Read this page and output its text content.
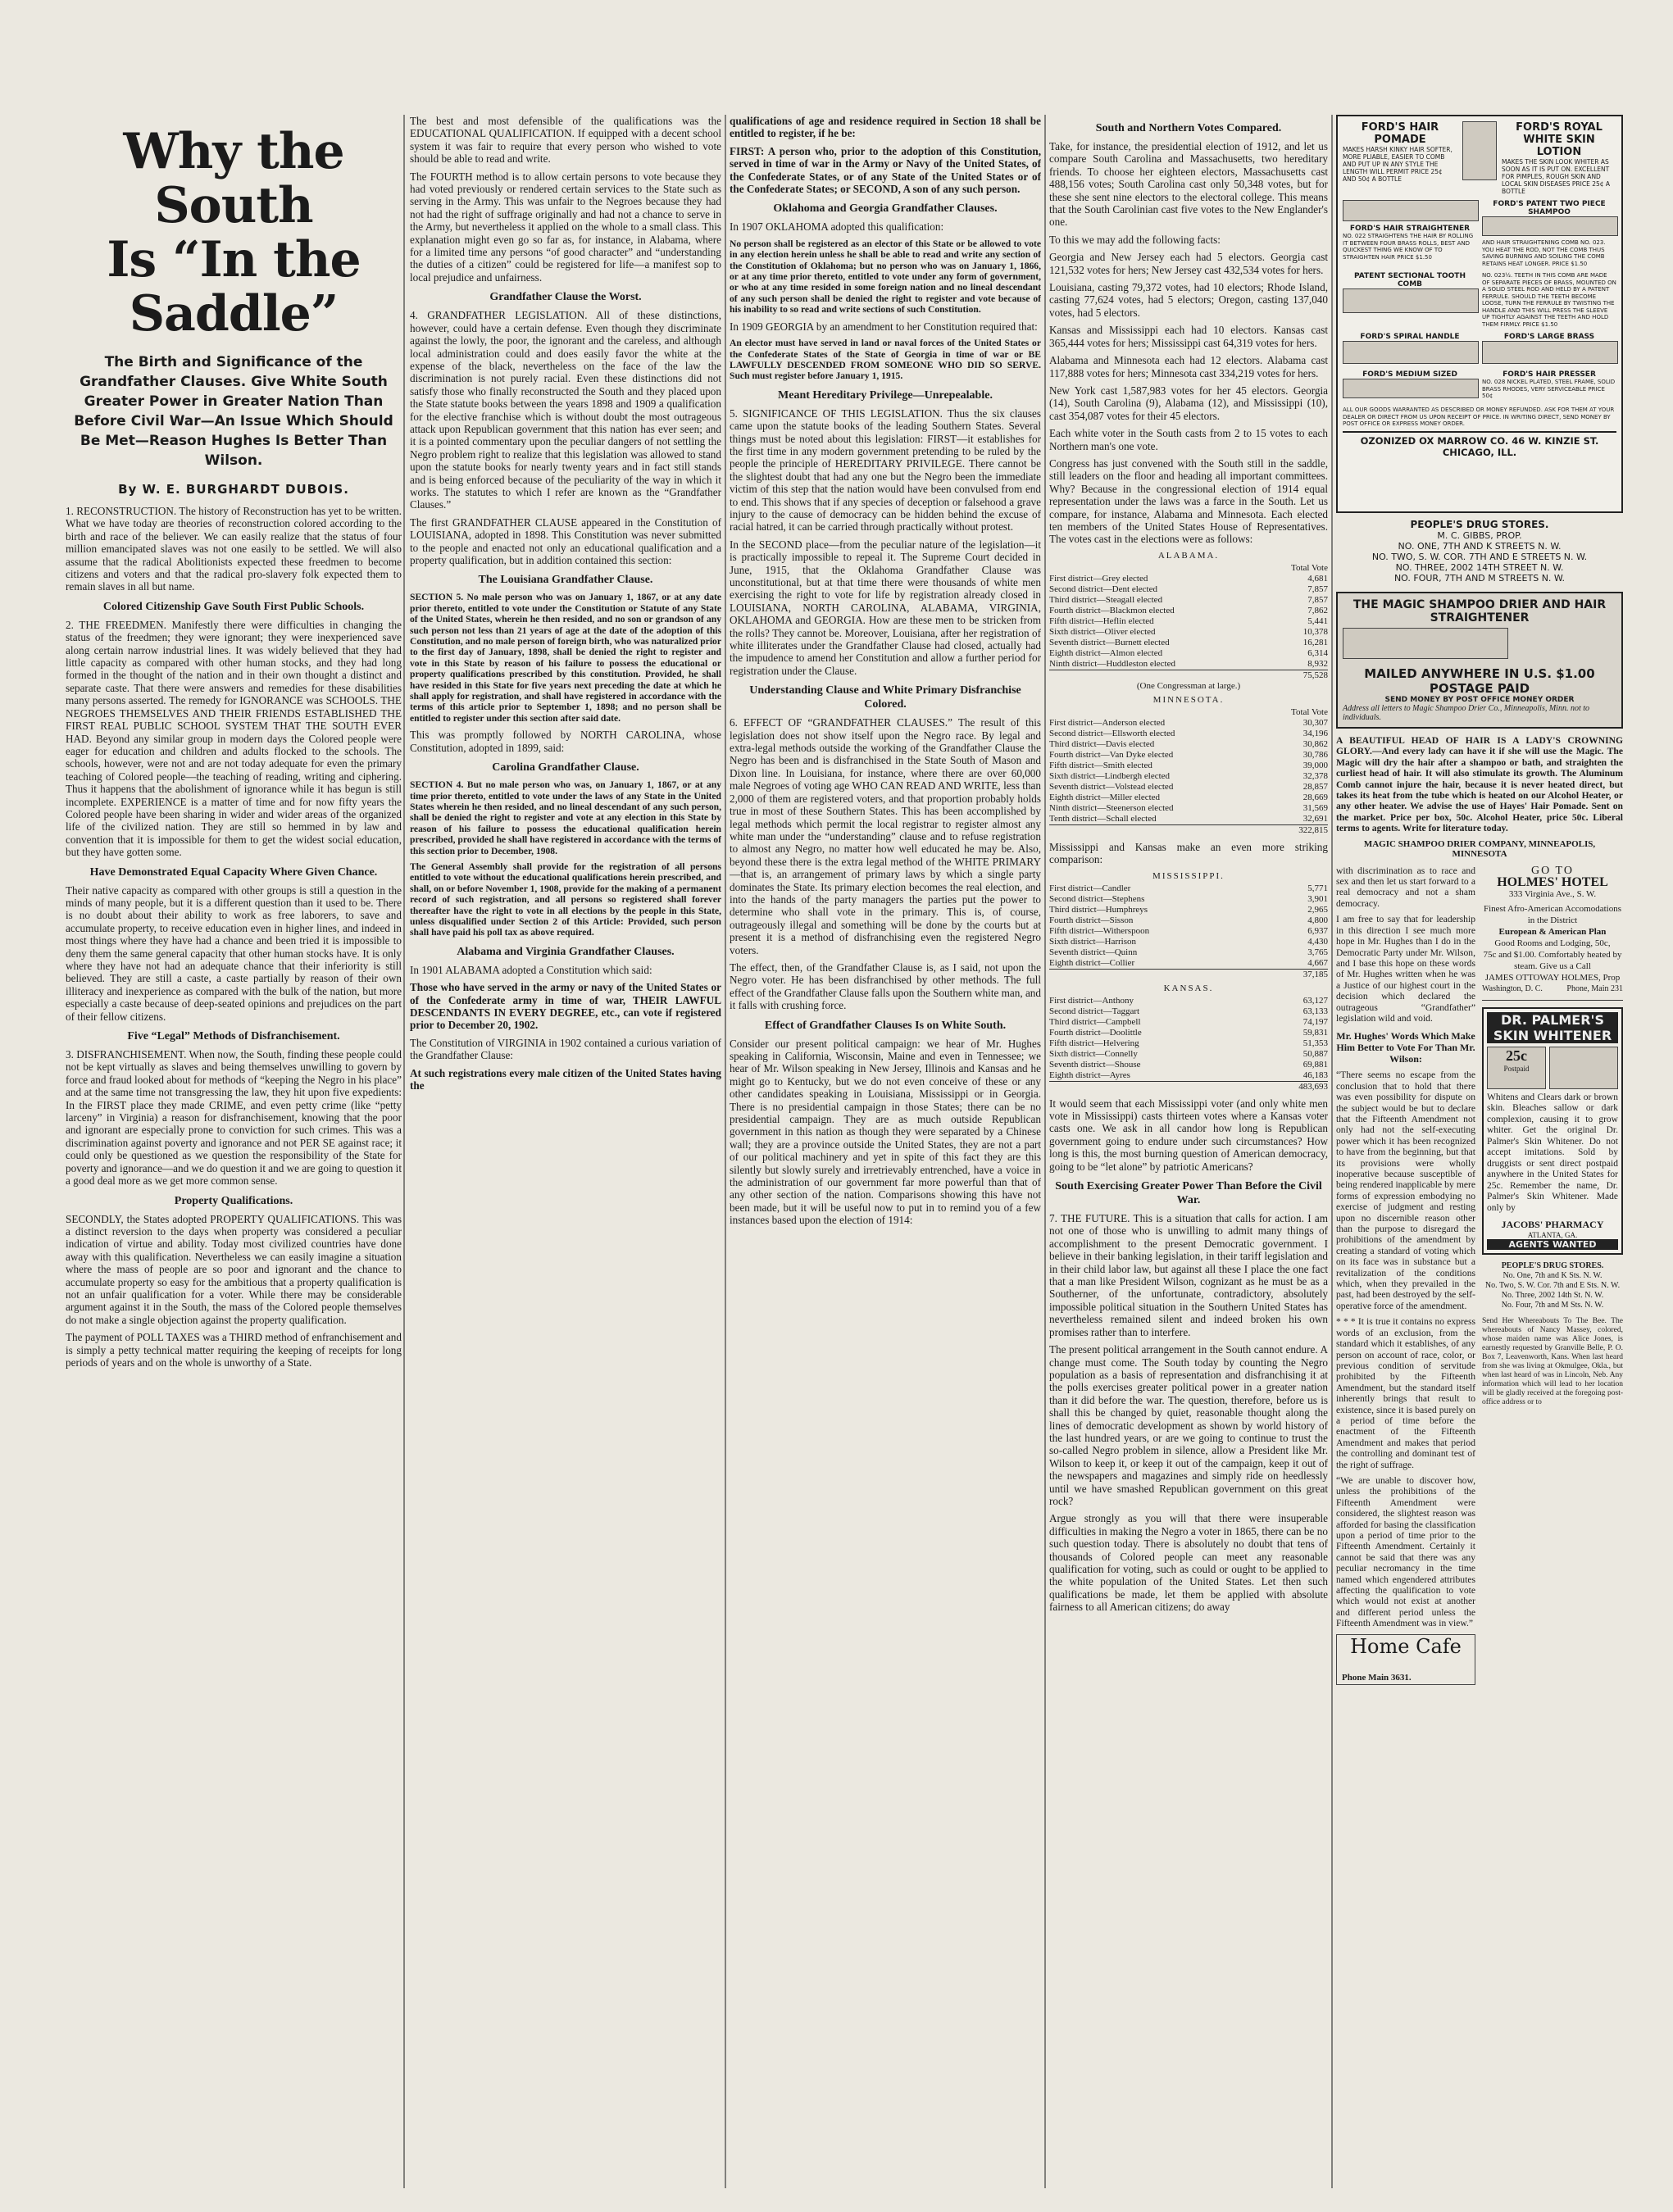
Why the South
Is “In the Saddle”
The Birth and Significance of the Grandfather Clauses. Give White South Greater Power in Greater Nation Than Before Civil War—An Issue Which Should Be Met—Reason Hughes Is Better Than Wilson.
By W. E. BURGHARDT DUBOIS.

1. RECONSTRUCTION. The history of Reconstruction has yet to be written. What we have today are theories of reconstruction colored according to the birth and race of the believer. We can easily realize that the status of four million emancipated slaves was not one easily to be settled. We will also assume that the radical Abolitionists expected these freedmen to become citizens and voters and that the radical pro-slavery folk expected them to remain slaves in all but name.

Colored Citizenship Gave South First Public Schools.

2. THE FREEDMEN. Manifestly there were difficulties in changing the status of the freedmen; they were ignorant; they were inexperienced save along certain narrow industrial lines. It was widely believed that they had little capacity as compared with other human stocks, and they had long formed in the thought of the nation and in their own thought a distinct and separate caste. That there were answers and remedies for these disabilities many persons asserted. The remedy for IGNORANCE was SCHOOLS. THE NEGROES THEMSELVES AND THEIR FRIENDS ESTABLISHED THE FIRST REAL PUBLIC SCHOOL SYSTEM THAT THE SOUTH EVER HAD. Beyond any similar group in modern days the Colored people were eager for education and children and adults flocked to the schools. The schools, however, were not and are not today adequate for even the primary teaching of Colored people—the teaching of reading, writing and ciphering. Thus it happens that the abolishment of ignorance while it has begun is still incomplete. EXPERIENCE is a matter of time and for now fifty years the Colored people have been sharing in wider and wider areas of the organized life of the civilized nation. They are still so hemmed in by law and convention that it is impossible for them to get the widest social education, but they have gotten some.

Have Demonstrated Equal Capacity Where Given Chance.

Their native capacity as compared with other groups is still a question in the minds of many people, but it is a different question than it used to be. There is no doubt about their ability to work as free laborers, to save and accumulate property, to receive education even in higher lines, and indeed in most things where they have had a chance and been tried it is impossible to deny them the same general capacity that other human stocks have. It is only where they have not had an adequate chance that their inferiority is still believed. They are still a caste, a caste partially by reason of their own illiteracy and inexperience as compared with the bulk of the nation, but more especially a caste because of deep-seated opinions and prejudices on the part of their fellow citizens.

Five “Legal” Methods of Disfranchisement.

3. DISFRANCHISEMENT. When now, the South, finding these people could not be kept virtually as slaves and being themselves unwilling to govern by force and fraud looked about for methods of “keeping the Negro in his place” and at the same time not transgressing the law, they hit upon five expedients: In the FIRST place they made CRIME, and even petty crime (like “petty larceny” in Virginia) a reason for disfranchisement, knowing that the poor and ignorant are especially prone to conviction for such crimes. This was a discrimination against poverty and ignorance and not PER SE against race; it could only be questioned as we question the responsibility of the State for poverty and ignorance—and we do question it and we are going to question it a good deal more as we get more common sense.

Property Qualifications.

SECONDLY, the States adopted PROPERTY QUALIFICATIONS. This was a distinct reversion to the days when property was considered a peculiar indication of virtue and ability. Today most civilized countries have done away with this qualification. Nevertheless we can easily imagine a situation where the mass of people are so poor and ignorant and the chance to accumulate property so easy for the ambitious that a property qualification is not an unfair qualification for a voter. While there may be considerable argument against it in the South, the mass of the Colored people themselves do not make a single objection against the property qualification.

The payment of POLL TAXES was a THIRD method of enfranchisement and is simply a petty technical matter requiring the keeping of receipts for long periods of years and on the whole is unworthy of a State.

The best and most defensible of the qualifications was the EDUCATIONAL QUALIFICATION. If equipped with a decent school system it was fair to require that every person who wished to vote should be able to read and write.

The FOURTH method is to allow certain persons to vote because they had voted previously or rendered certain services to the State such as serving in the Army. This was unfair to the Negroes because they had not had the right of suffrage originally and had not a chance to serve in the Army, but nevertheless it applied on the whole to a small class. This explanation might even go so far as, for instance, in Alabama, where for a limited time any persons “of good character” and “understanding the duties of a citizen” could be registered for life—a manifest sop to local prejudice and unfairness.

Grandfather Clause the Worst.

4. GRANDFATHER LEGISLATION. All of these distinctions, however, could have a certain defense. Even though they discriminate against the lowly, the poor, the ignorant and the careless, and although local administration could and does easily favor the white at the expense of the black, nevertheless on the face of the law the discrimination is not purely racial. Even these distinctions did not satisfy those who finally reconstructed the South and they placed upon the State statute books between the years 1898 and 1909 a qualification for the elective franchise which is without doubt the most outrageous attack upon Republican government that this nation has ever seen; and it is a pointed commentary upon the peculiar dangers of not settling the Negro problem right to realize that this legislation was allowed to stand upon the statute books for nearly twenty years and in fact still stands and is being enforced because of the peculiarity of the way in which it works. The statutes to which I refer are known as the “Grandfather Clauses.”

The first GRANDFATHER CLAUSE appeared in the Constitution of LOUISIANA, adopted in 1898. This Constitution was never submitted to the people and enacted not only an educational qualification and a property qualification, but in addition contained this section:

The Louisiana Grandfather Clause.

SECTION 5. No male person who was on January 1, 1867, or at any date prior thereto, entitled to vote under the Constitution or Statute of any State of the United States, wherein he then resided, and no son or grandson of any such person not less than 21 years of age at the date of the adoption of this Constitution, and no male person of foreign birth, who was naturalized prior to the first day of January, 1898, shall be denied the right to register and vote in this State by reason of his failure to possess the educational or property qualifications prescribed by this constitution. Provided, he shall have resided in this State for five years next preceding the date at which he shall apply for registration, and shall have registered in accordance with the terms of this article prior to September 1, 1898; and no person shall be entitled to register under this section after said date.

This was promptly followed by NORTH CAROLINA, whose Constitution, adopted in 1899, said:

Carolina Grandfather Clause.

SECTION 4. But no male person who was, on January 1, 1867, or at any time prior thereto, entitled to vote under the laws of any State in the United States wherein he then resided, and no lineal descendant of any such person, shall be denied the right to register and vote at any election in this State by reason of his failure to possess the educational qualification herein prescribed, provided he shall have registered in accordance with the terms of this section prior to December, 1908.

The General Assembly shall provide for the registration of all persons entitled to vote without the educational qualifications herein prescribed, and shall, on or before November 1, 1908, provide for the making of a permanent record of such registration, and all persons so registered shall forever thereafter have the right to vote in all elections by the people in this State, unless disqualified under Section 2 of this Article: Provided, such person shall have paid his poll tax as above required.

Alabama and Virginia Grandfather Clauses.

In 1901 ALABAMA adopted a Constitution which said:

Those who have served in the army or navy of the United States or of the Confederate army in time of war, THEIR LAWFUL DESCENDANTS IN EVERY DEGREE, etc., can vote if registered prior to December 20, 1902.

The Constitution of VIRGINIA in 1902 contained a curious variation of the Grandfather Clause:

At such registrations every male citizen of the United States having the

qualifications of age and residence required in Section 18 shall be entitled to register, if he be:

FIRST: A person who, prior to the adoption of this Constitution, served in time of war in the Army or Navy of the United States, of the Confederate States, or of any State of the United States or of the Confederate States; or SECOND, A son of any such person.

Oklahoma and Georgia Grandfather Clauses.

In 1907 OKLAHOMA adopted this qualification:

No person shall be registered as an elector of this State or be allowed to vote in any election herein unless he shall be able to read and write any section of the Constitution of Oklahoma; but no person who was on January 1, 1866, or at any time prior thereto, entitled to vote under any form of government, or who at any time resided in some foreign nation and no lineal descendant of any such person shall be denied the right to register and vote because of his inability to so read and write sections of such Constitution.

In 1909 GEORGIA by an amendment to her Constitution required that:

An elector must have served in land or naval forces of the United States or the Confederate States of the State of Georgia in time of war or BE LAWFULLY DESCENDED FROM SOMEONE WHO DID SO SERVE. Such must register before January 1, 1915.

Meant Hereditary Privilege—Unrepealable.

5. SIGNIFICANCE OF THIS LEGISLATION. Thus the six clauses came upon the statute books of the leading Southern States. Several things must be noted about this legislation: FIRST—it establishes for the first time in any modern government pretending to be ruled by the people the principle of HEREDITARY PRIVILEGE. There cannot be the slightest doubt that had any one but the Negro been the immediate victim of this step that the nation would have been convulsed from end to end. This shows that if any species of deception or falsehood a grave injury to the cause of democracy can be hidden behind the excuse of racial hatred, it can be carried through practically without protest.

In the SECOND place—from the peculiar nature of the legislation—it is practically impossible to repeal it. The Supreme Court decided in June, 1915, that the Oklahoma Grandfather Clause was unconstitutional, but at that time there were thousands of white men exercising the right to vote for life by registration already closed in LOUISIANA, NORTH CAROLINA, ALABAMA, VIRGINIA, OKLAHOMA and GEORGIA. How are these men to be stricken from the rolls? They cannot be. Moreover, Louisiana, after her registration of white illiterates under the Grandfather Clause had closed, actually had the impudence to amend her Constitution and allow a further period for registration under the Clause.

Understanding Clause and White Primary Disfranchise Colored.

6. EFFECT OF “GRANDFATHER CLAUSES.” The result of this legislation does not show itself upon the Negro race. By legal and extra-legal methods outside the working of the Grandfather Clause the Negro has been and is disfranchised in the State South of Mason and Dixon line. In Louisiana, for instance, where there are over 60,000 male Negroes of voting age WHO CAN READ AND WRITE, less than 2,000 of them are registered voters, and that proportion probably holds true in most of these Southern States. This has been accomplished by legal methods which permit the local registrar to register almost any white man under the “understanding” clause and to refuse registration to almost any Negro, no matter how well educated he may be. Also, beyond these there is the extra legal method of the WHITE PRIMARY—that is, an arrangement of primary laws by which a single party dominates the State. Its primary election becomes the real election, and into the hands of the party managers the parties put the power to determine who shall vote in the primary. This is, of course, outrageously illegal and something will be done by the courts but at present it is a method of disfranchising even the registered Negro voters.

The effect, then, of the Grandfather Clause is, as I said, not upon the Negro voter. He has been disfranchised by other methods. The full effect of the Grandfather Clause falls upon the Southern white man, and it falls with crushing force.

Effect of Grandfather Clauses Is on White South.

Consider our present political campaign: we hear of Mr. Hughes speaking in California, Wisconsin, Maine and even in Tennessee; we hear of Mr. Wilson speaking in New Jersey, Illinois and Kansas and he might go to Kentucky, but we do not even conceive of these or any other candidates speaking in Louisiana, Mississippi or in Georgia. There is no presidential campaign in those States; there can be no presidential campaign. They are as much outside Republican government in this nation as though they were separated by a Chinese wall; they are a province outside the United States, they are not a part of our political machinery and yet in spite of this fact they are this silently but slowly surely and irretrievably entrenched, have a voice in the administration of our government far more powerful than that of any other section of the nation. Comparisons showing this have not been made, but it will be useful now to put in to remind you of a few instances based upon the election of 1914:

South and Northern Votes Compared.

Take, for instance, the presidential election of 1912, and let us compare South Carolina and Massachusetts, two hereditary friends. To choose her eighteen electors, Massachusetts cast 488,156 votes; South Carolina cast only 50,348 votes, but for these she sent nine electors to the electoral college. This means that the South Carolinian cast five votes to the New Englander's one.

To this we may add the following facts:

Georgia and New Jersey each had 5 electors. Georgia cast 121,532 votes for hers; New Jersey cast 432,534 votes for hers.

Louisiana, casting 79,372 votes, had 10 electors; Rhode Island, casting 77,624 votes, had 5 electors; Oregon, casting 137,040 votes, had 5 electors.

Kansas and Mississippi each had 10 electors. Kansas cast 365,444 votes for hers; Mississippi cast 64,319 votes for hers.

Alabama and Minnesota each had 12 electors. Alabama cast 117,888 votes for hers; Minnesota cast 334,219 votes for hers.

New York cast 1,587,983 votes for her 45 electors. Georgia (14), South Carolina (9), Alabama (12), and Mississippi (10), cast 354,087 votes for their 45 electors.

Each white voter in the South casts from 2 to 15 votes to each Northern man's one vote.

Congress has just convened with the South still in the saddle, still leaders on the floor and heading all important committees. Why? Because in the congressional election of 1914 equal representation under the laws was a farce in the South. Let us compare, for instance, Alabama and Minnesota. Each elected ten members of the United States House of Representatives. The votes cast in the elections were as follows:

ALABAMA.
Total Vote
First district—Grey elected	4,681
Second district—Dent elected	7,857
Third district—Steagall elected	7,857
Fourth district—Blackmon elected	7,862
Fifth district—Heflin elected	5,441
Sixth district—Oliver elected	10,378
Seventh district—Burnett elected	16,281
Eighth district—Almon elected	6,314
Ninth district—Huddleston elected	8,932
75,528
(One Congressman at large.)
MINNESOTA.
Total Vote
First district—Anderson elected	30,307
Second district—Ellsworth elected	34,196
Third district—Davis elected	30,862
Fourth district—Van Dyke elected	30,786
Fifth district—Smith elected	39,000
Sixth district—Lindbergh elected	32,378
Seventh district—Volstead elected	28,857
Eighth district—Miller elected	28,669
Ninth district—Steenerson elected	31,569
Tenth district—Schall elected	32,691
322,815

Mississippi and Kansas make an even more striking comparison:

MISSISSIPPI.
First district—Candler	5,771
Second district—Stephens	3,901
Third district—Humphreys	2,965
Fourth district—Sisson	4,800
Fifth district—Witherspoon	6,937
Sixth district—Harrison	4,430
Seventh district—Quinn	3,765
Eighth district—Collier	4,667
37,185
KANSAS.
First district—Anthony	63,127
Second district—Taggart	63,133
Third district—Campbell	74,197
Fourth district—Doolittle	59,831
Fifth district—Helvering	51,353
Sixth district—Connelly	50,887
Seventh district—Shouse	69,881
Eighth district—Ayres	46,183
483,693

It would seem that each Mississippi voter (and only white men vote in Mississippi) casts thirteen votes where a Kansas voter casts one. We ask in all candor how long is Republican government going to endure under such circumstances? How long is this, the most burning question of American democracy, going to be “let alone” by patriotic Americans?

South Exercising Greater Power Than Before the Civil War.

7. THE FUTURE. This is a situation that calls for action. I am not one of those who is unwilling to admit many things of accomplishment to the present Democratic government. I believe in their banking legislation, in their tariff legislation and in their child labor law, but against all these I place the one fact that a man like President Wilson, cognizant as he must be as a Southerner, of the unfortunate, contradictory, absolutely impossible political situation in the Southern United States has nevertheless remained silent and indeed broken his own promises rather than to interfere.

The present political arrangement in the South cannot endure. A change must come. The South today by counting the Negro population as a basis of representation and disfranchising it at the polls exercises greater political power in a greater nation than it did before the war. The question, therefore, before us is shall this be changed by quiet, reasonable thought along the lines of democratic development as shown by world history of the last hundred years, or are we going to continue to trust the so-called Negro problem in silence, allow a President like Mr. Wilson to keep it, or keep it out of the campaign, keep it out of the newspapers and magazines and simply ride on heedlessly until we have smashed Republican government on this great rock?

Argue strongly as you will that there were insuperable difficulties in making the Negro a voter in 1865, there can be no such question today. There is absolutely no doubt that tens of thousands of Colored people can meet any reasonable qualification for voting, such as could or ought to be applied to the white population of the United States. Let then such qualifications be made, let them be applied with absolute fairness to all American citizens; do away

FORD'S HAIR POMADE
MAKES HARSH KINKY HAIR SOFTER, MORE PLIABLE, EASIER TO COMB AND PUT UP IN ANY STYLE THE LENGTH WILL PERMIT PRICE 25¢ AND 50¢ A BOTTLE
FORD'S ROYAL WHITE SKIN LOTION
MAKES THE SKIN LOOK WHITER AS SOON AS IT IS PUT ON. EXCELLENT FOR PIMPLES, ROUGH SKIN AND LOCAL SKIN DISEASES PRICE 25¢ A BOTTLE
FORD'S HAIR STRAIGHTENER
NO. 022 STRAIGHTENS THE HAIR BY ROLLING IT BETWEEN FOUR BRASS ROLLS, BEST AND QUICKEST THING WE KNOW OF TO STRAIGHTEN HAIR PRICE $1.50
FORD'S PATENT TWO PIECE SHAMPOO
AND HAIR STRAIGHTENING COMB NO. 023. YOU HEAT THE ROD, NOT THE COMB THUS SAVING BURNING AND SOILING THE COMB RETAINS HEAT LONGER. PRICE $1.50
PATENT SECTIONAL TOOTH COMB
NO. 023½. TEETH IN THIS COMB ARE MADE OF SEPARATE PIECES OF BRASS, MOUNTED ON A SOLID STEEL ROD AND HELD BY A PATENT FERRULE. SHOULD THE TEETH BECOME LOOSE, TURN THE FERRULE BY TWISTING THE HANDLE AND THIS WILL PRESS THE SLEEVE UP TIGHTLY AGAINST THE TEETH AND HOLD THEM FIRMLY. PRICE $1.50
FORD'S SPIRAL HANDLE
FORD'S MEDIUM SIZED
FORD'S LARGE BRASS
FORD'S HAIR PRESSER
NO. 028 NICKEL PLATED, STEEL FRAME, SOLID BRASS RHODES, VERY SERVICEABLE PRICE 50¢
ALL OUR GOODS WARRANTED AS DESCRIBED OR MONEY REFUNDED. ASK FOR THEM AT YOUR DEALER OR DIRECT FROM US UPON RECEIPT OF PRICE. IN WRITING DIRECT, SEND MONEY BY POST OFFICE OR EXPRESS MONEY ORDER.
OZONIZED OX MARROW CO. 46 W. KINZIE ST. CHICAGO, ILL.
PEOPLE'S DRUG STORES.
M. C. GIBBS, PROP.
NO. ONE, 7TH AND K STREETS N. W.
NO. TWO, S. W. COR. 7TH AND E STREETS N. W.
NO. THREE, 2002 14TH STREET N. W.
NO. FOUR, 7TH AND M STREETS N. W.
THE MAGIC SHAMPOO DRIER AND HAIR STRAIGHTENER
MAILED ANYWHERE IN U.S. $1.00 POSTAGE PAID
SEND MONEY BY POST OFFICE MONEY ORDER
Address all letters to Magic Shampoo Drier Co., Minneapolis, Minn. not to individuals.

A BEAUTIFUL HEAD OF HAIR IS A LADY'S CROWNING GLORY.—And every lady can have it if she will use the Magic. The Magic will dry the hair after a shampoo or bath, and straighten the curliest head of hair. It will also stimulate its growth. The Aluminum Comb cannot injure the hair, because it is never heated direct, but takes its heat from the tube which is heated on our Alcohol Heater, or any other heater. We advise the use of Hayes' Hair Pomade. Sent on the market. Price per box, 50c. Alcohol Heater, price 50c. Liberal terms to agents. Write for literature today.

MAGIC SHAMPOO DRIER COMPANY, MINNEAPOLIS, MINNESOTA

with discrimination as to race and sex and then let us start forward to a real democracy and not a sham democracy.

I am free to say that for leadership in this direction I see much more hope in Mr. Hughes than I do in the Democratic Party under Mr. Wilson, and I base this hope on these words of Mr. Hughes written when he was a Justice of our highest court in the decision which declared the outrageous “Grandfather” legislation wild and void.

Mr. Hughes' Words Which Make Him Better to Vote For Than Mr. Wilson:

“There seems no escape from the conclusion that to hold that there was even possibility for dispute on the subject would be but to declare that the Fifteenth Amendment not only had not the self-executing power which it has been recognized to have from the beginning, but that its provisions were wholly inoperative because susceptible of being rendered inapplicable by mere forms of expression embodying no exercise of judgment and resting upon no discernible reason other than the purpose to disregard the prohibitions of the amendment by creating a standard of voting which on its face was in substance but a revitalization of the conditions which, when they prevailed in the past, had been destroyed by the self-operative force of the amendment.

* * * It is true it contains no express words of an exclusion, from the standard which it establishes, of any person on account of race, color, or previous condition of servitude prohibited by the Fifteenth Amendment, but the standard itself inherently brings that result to existence, since it is based purely on a period of time before the enactment of the Fifteenth Amendment and makes that period the controlling and dominant test of the right of suffrage.

“We are unable to discover how, unless the prohibitions of the Fifteenth Amendment were considered, the slightest reason was afforded for basing the classification upon a period of time prior to the Fifteenth Amendment. Certainly it cannot be said that there was any peculiar necromancy in the time named which engendered attributes affecting the qualification to vote which would not exist at another and different period unless the Fifteenth Amendment was in view.”

Home Cafe
Phone Main 3631.
GO TO
HOLMES' HOTEL
333 Virginia Ave., S. W.
Finest Afro-American Accomodations in the District
European & American Plan
Good Rooms and Lodging, 50c,
75c and $1.00. Comfortably heated by steam. Give us a Call
JAMES OTTOWAY HOLMES, Prop
Washington, D. C.	Phone, Main 231
DR. PALMER'S SKIN WHITENER
25c
Postpaid

Whitens and Clears dark or brown skin. Bleaches sallow or dark complexion, causing it to grow whiter. Get the original Dr. Palmer's Skin Whitener. Do not accept imitations. Sold by druggists or sent direct postpaid anywhere in the United States for 25c. Remember the name, Dr. Palmer's Skin Whitener. Made only by

JACOBS' PHARMACY
ATLANTA, GA.
AGENTS WANTED
PEOPLE'S DRUG STORES.
No. One, 7th and K Sts. N. W.
No. Two, S. W. Cor. 7th and E Sts. N. W.
No. Three, 2002 14th St. N. W.
No. Four, 7th and M Sts. N. W.

Send Her Whereabouts To The Bee. The whereabouts of Nancy Massey, colored, whose maiden name was Alice Jones, is earnestly requested by Granville Belle, P. O. Box 7, Leavenworth, Kans. When last heard from she was living at Okmulgee, Okla., but when last heard of was in Lincoln, Neb. Any information which will lead to her location will be gladly received at the foregoing post-office address or to
